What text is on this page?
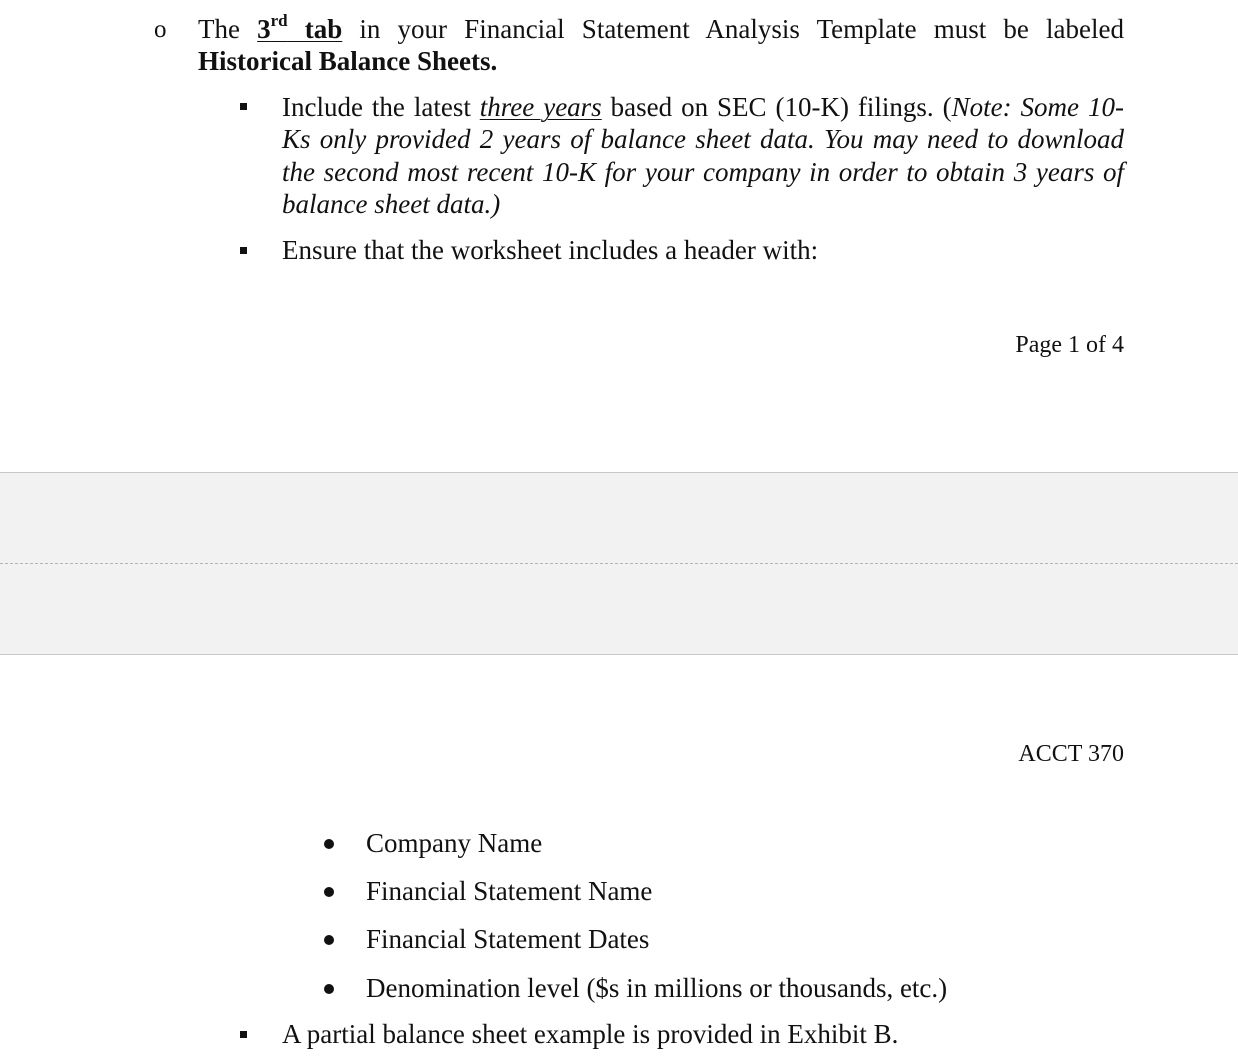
o The 3rd tab in your Financial Statement Analysis Template must be labeled
Historical Balance Sheets.
Include the latest three years based on SEC (10-K) filings. (Note: Some 10-
Ks only provided 2 years of balance sheet data. You may need to download
the second most recent 10-K for your company in order to obtain 3 years of
balance sheet data.)
Ensure that the worksheet includes a header with:
Page 1 of 4
ACCT 370
Company Name
Financial Statement Name
Financial Statement Dates
Denomination level ($s in millions or thousands, etc.)
A partial balance sheet example is provided in Exhibit B.
